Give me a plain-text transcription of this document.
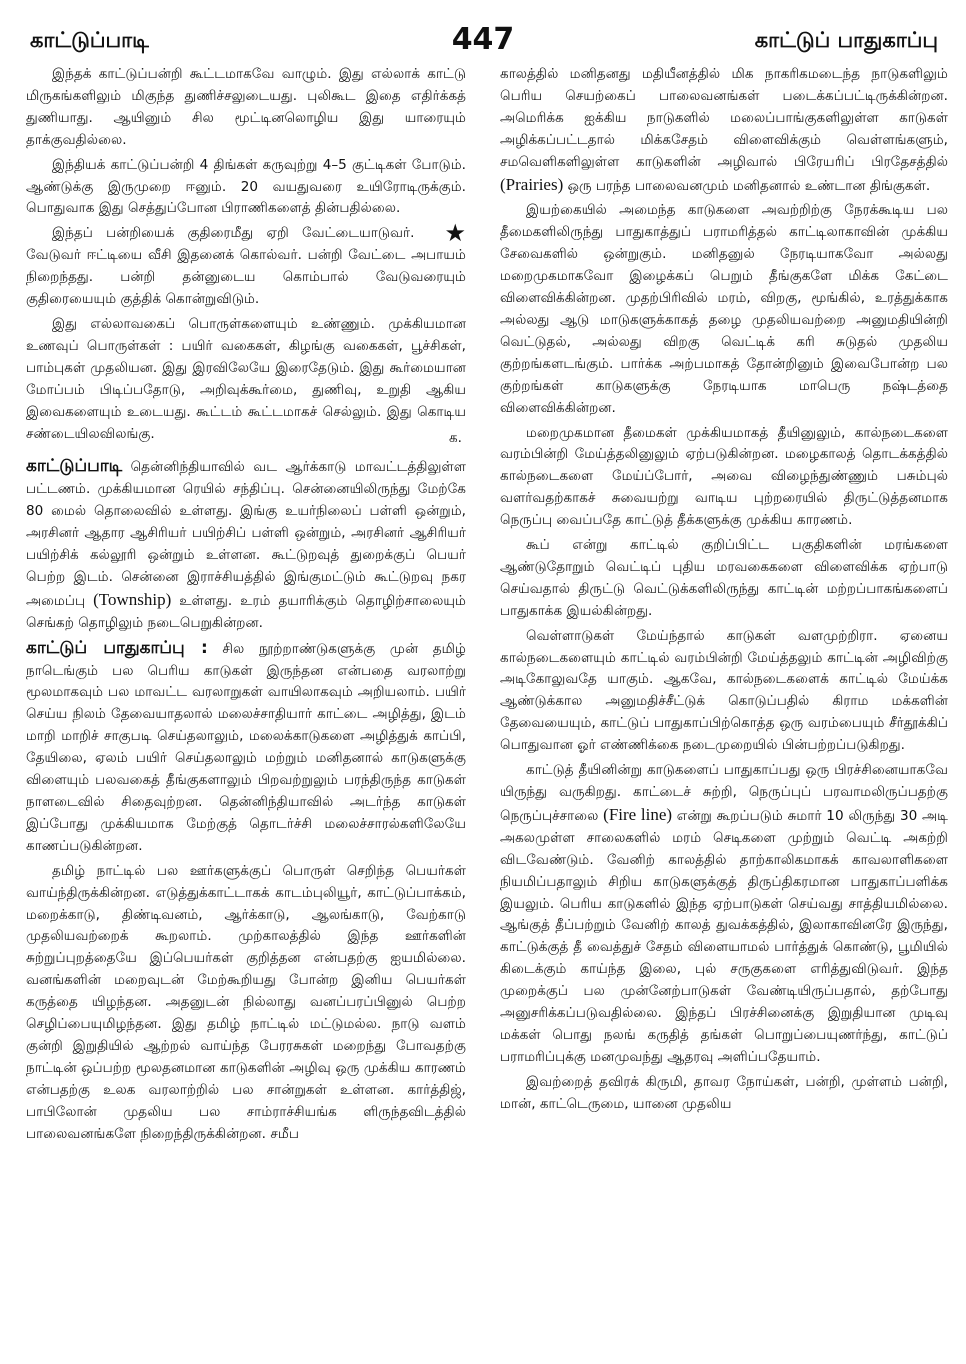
காட்டுப்பாடி	447	காட்டுப் பாதுகாப்பு

இந்தக் காட்டுப்பன்றி கூட்டமாகவே வாழும். இது எல்லாக் காட்டு மிருகங்களிலும் மிகுந்த துணிச்சலுடையது. புலிகூட இதை எதிர்க்கத் துணியாது. ஆயினும் சில மூட்டினலொழிய இது யாரையும் தாக்குவதில்லை.

இந்தியக் காட்டுப்பன்றி 4 திங்கள் கருவுற்று 4–5 குட்டிகள் போடும். ஆண்டுக்கு இருமுறை ஈனும். 20 வயதுவரை உயிரோடிருக்கும். பொதுவாக இது செத்துப்போன பிராணிகளைத் தின்பதில்லை.

★
இந்தப் பன்றியைக் குதிரைமீது ஏறி வேட்டையாடுவர். வேடுவர் ஈட்டியை வீசி இதனைக் கொல்வர். பன்றி வேட்டை அபாயம் நிறைந்தது. பன்றி தன்னுடைய கொம்பால் வேடுவரையும் குதிரையையும் குத்திக் கொன்றுவிடும்.

இது எல்லாவகைப் பொருள்களையும் உண்ணும். முக்கியமான உணவுப் பொருள்கள் : பயிர் வகைகள், கிழங்கு வகைகள், பூச்சிகள், பாம்புகள் முதலியன. இது இரவிலேயே இரைதேடும். இது கூர்மையான மோப்பம் பிடிப்பதோடு, அறிவுக்கூர்மை, துணிவு, உறுதி ஆகிய இவைகளையும் உடையது. கூட்டம் கூட்டமாகச் செல்லும். இது கொடிய சண்டையிலவிலங்கு.	க.

காட்டுப்பாடி தென்னிந்தியாவில் வட ஆர்க்காடு மாவட்டத்திலுள்ள பட்டணம். முக்கியமான ரெயில் சந்திப்பு. சென்னையிலிருந்து மேற்கே 80 மைல் தொலைவில் உள்ளது. இங்கு உயர்நிலைப் பள்ளி ஒன்றும், அரசினர் ஆதார ஆசிரியர் பயிற்சிப் பள்ளி ஒன்றும், அரசினர் ஆசிரியர் பயிற்சிக் கல்லூரி ஒன்றும் உள்ளன. கூட்டுறவுத் துறைக்குப் பெயர் பெற்ற இடம். சென்னை இராச்சியத்தில் இங்குமட்டும் கூட்டுறவு நகர அமைப்பு (Township) உள்ளது. உரம் தயாரிக்கும் தொழிற்சாலையும் செங்கற் தொழிலும் நடைபெறுகின்றன.

காட்டுப் பாதுகாப்பு : சில நூற்றாண்டுகளுக்கு முன் தமிழ் நாடெங்கும் பல பெரிய காடுகள் இருந்தன என்பதை வரலாற்று மூலமாகவும் பல மாவட்ட வரலாறுகள் வாயிலாகவும் அறியலாம். பயிர் செய்ய நிலம் தேவையாதலால் மலைச்சாதியார் காட்டை அழித்து, இடம் மாறி மாறிச் சாகுபடி செய்தலாலும், மலைக்காடுகளை அழித்துக் காப்பி, தேயிலை, ஏலம் பயிர் செய்தலாலும் மற்றும் மனிதனால் காடுகளுக்கு விளையும் பலவகைத் தீங்குகளாலும் பிறவற்றுலும் பரந்திருந்த காடுகள் நாளடைவில் சிதைவுற்றன. தென்னிந்தியாவில் அடர்ந்த காடுகள் இப்போது முக்கியமாக மேற்குத் தொடர்ச்சி மலைச்சாரல்களிலேயே காணப்படுகின்றன.

தமிழ் நாட்டில் பல ஊர்களுக்குப் பொருள் செறிந்த பெயர்கள் வாய்ந்திருக்கின்றன. எடுத்துக்காட்டாகக் காடம்புலியூர், காட்டுப்பாக்கம், மறைக்காடு, திண்டிவனம், ஆர்க்காடு, ஆலங்காடு, வேற்காடு முதலியவற்றைக் கூறலாம். முற்காலத்தில் இந்த ஊர்களின் சுற்றுப்புறத்தையே இப்பெயர்கள் குறித்தன என்பதற்கு ஐயமில்லை. வனங்களின் மறைவுடன் மேற்கூறியது போன்ற இனிய பெயர்கள் கருத்தை யிழந்தன. அதனுடன் நில்லாது வனப்பரப்பினுல் பெற்ற செழிப்பையுமிழந்தன. இது தமிழ் நாட்டில் மட்டுமல்ல. நாடு வளம் குன்றி இறுதியில் ஆற்றல் வாய்ந்த பேரரசுகள் மறைந்து போவதற்கு நாட்டின் ஒப்பற்ற மூலதனமான காடுகளின் அழிவு ஒரு முக்கிய காரணம் என்பதற்கு உலக வரலாற்றில் பல சான்றுகள் உள்ளன. கார்த்திஜ், பாபிலோன் முதலிய பல சாம்ராச்சியங்க ளிருந்தவிடத்தில் பாலைவனங்களே நிறைந்திருக்கின்றன. சமீப

காலத்தில் மனிதனது மதியீனத்தில் மிக நாகரிகமடைந்த நாடுகளிலும் பெரிய செயற்கைப் பாலைவனங்கள் படைக்கப்பட்டிருக்கின்றன. அமெரிக்க ஐக்கிய நாடுகளில் மலைப்பாங்குகளிலுள்ள காடுகள் அழிக்கப்பட்டதால் மிக்கசேதம் விளைவிக்கும் வெள்ளங்களும், சமவெளிகளிலுள்ள காடுகளின் அழிவால் பிரேயரிப் பிரதேசத்தில் (Prairies) ஒரு பரந்த பாலைவனமும் மனிதனால் உண்டான திங்குகள்.

இயற்கையில் அமைந்த காடுகளை அவற்றிற்கு நேரக்கூடிய பல தீமைகளிலிருந்து பாதுகாத்துப் பராமரித்தல் காட்டிலாகாவின் முக்கிய சேவைகளில் ஒன்றுகும். மனிதனுல் நேரடியாகவோ அல்லது மறைமுகமாகவோ இழைக்கப் பெறும் தீங்குகளே மிக்க கேட்டை விளைவிக்கின்றன. முதற்பிரிவில் மரம், விறகு, மூங்கில், உரத்துக்காக அல்லது ஆடு மாடுகளுக்காகத் தழை முதலியவற்றை அனுமதியின்றி வெட்டுதல், அல்லது விறகு வெட்டிக் கரி சுடுதல் முதலிய குற்றங்களடங்கும். பார்க்க அற்பமாகத் தோன்றினும் இவைபோன்ற பல குற்றங்கள் காடுகளுக்கு நேரடியாக மாபெரு நஷ்டத்தை விளைவிக்கின்றன.

மறைமுகமான தீமைகள் முக்கியமாகத் தீயினுலும், கால்நடைகளை வரம்பின்றி மேய்த்தலினுலும் ஏற்படுகின்றன. மழைகாலத் தொடக்கத்தில் கால்நடைகளை மேய்ப்போர், அவை விழைந்துண்ணும் பசும்புல் வளர்வதற்காகச் சுவையற்று வாடிய புற்றரையில் திருட்டுத்தனமாக நெருப்பு வைப்பதே காட்டுத் தீக்களுக்கு முக்கிய காரணம்.

கூப் என்று காட்டில் குறிப்பிட்ட பகுதிகளின் மரங்களை ஆண்டுதோறும் வெட்டிப் புதிய மரவகைகளை விளைவிக்க ஏற்பாடு செய்வதால் திருட்டு வெட்டுக்களிலிருந்து காட்டின் மற்றப்பாகங்களைப் பாதுகாக்க இயல்கின்றது.

வெள்ளாடுகள் மேய்ந்தால் காடுகள் வளமுற்றிரா. ஏனைய கால்நடைகளையும் காட்டில் வரம்பின்றி மேய்த்தலும் காட்டின் அழிவிற்கு அடிகோலுவதே யாகும். ஆகவே, கால்நடைகளைக் காட்டில் மேய்க்க ஆண்டுக்கால அனுமதிச்சீட்டுக் கொடுப்பதில் கிராம மக்களின் தேவையையும், காட்டுப் பாதுகாப்பிற்கொத்த ஒரு வரம்பையும் சீர்தூக்கிப் பொதுவான ஓர் எண்ணிக்கை நடைமுறையில் பின்பற்றப்படுகிறது.

காட்டுத் தீயினின்று காடுகளைப் பாதுகாப்பது ஒரு பிரச்சினையாகவே யிருந்து வருகிறது. காட்டைச் சுற்றி, நெருப்புப் பரவாமலிருப்பதற்கு நெருப்புச்சாலை (Fire line) என்று கூறப்படும் சுமார் 10 லிருந்து 30 அடி அகலமுள்ள சாலைகளில் மரம் செடிகளை முற்றும் வெட்டி அகற்றி விடவேண்டும். வேனிற் காலத்தில் தாற்காலிகமாகக் காவலாளிகளை நியமிப்பதாலும் சிறிய காடுகளுக்குத் திருப்திகரமான பாதுகாப்பளிக்க இயலும். பெரிய காடுகளில் இந்த ஏற்பாடுகள் செய்வது சாத்தியமில்லை. ஆங்குத் தீப்பற்றும் வேனிற் காலத் துவக்கத்தில், இலாகாவினரே இருந்து, காட்டுக்குத் தீ வைத்துச் சேதம் விளையாமல் பார்த்துக் கொண்டு, பூமியில் கிடைக்கும் காய்ந்த இலை, புல் சருகுகளை எரித்துவிடுவர். இந்த முறைக்குப் பல முன்னேற்பாடுகள் வேண்டியிருப்பதால், தற்போது அனுசரிக்கப்படுவதில்லை. இந்தப் பிரச்சினைக்கு இறுதியான முடிவு மக்கள் பொது நலங் கருதித் தங்கள் பொறுப்பையுணர்ந்து, காட்டுப் பராமரிப்புக்கு மனமுவந்து ஆதரவு அளிப்பதேயாம்.

இவற்றைத் தவிரக் கிருமி, தாவர நோய்கள், பன்றி, முள்ளம் பன்றி, மான், காட்டெருமை, யானை முதலிய
